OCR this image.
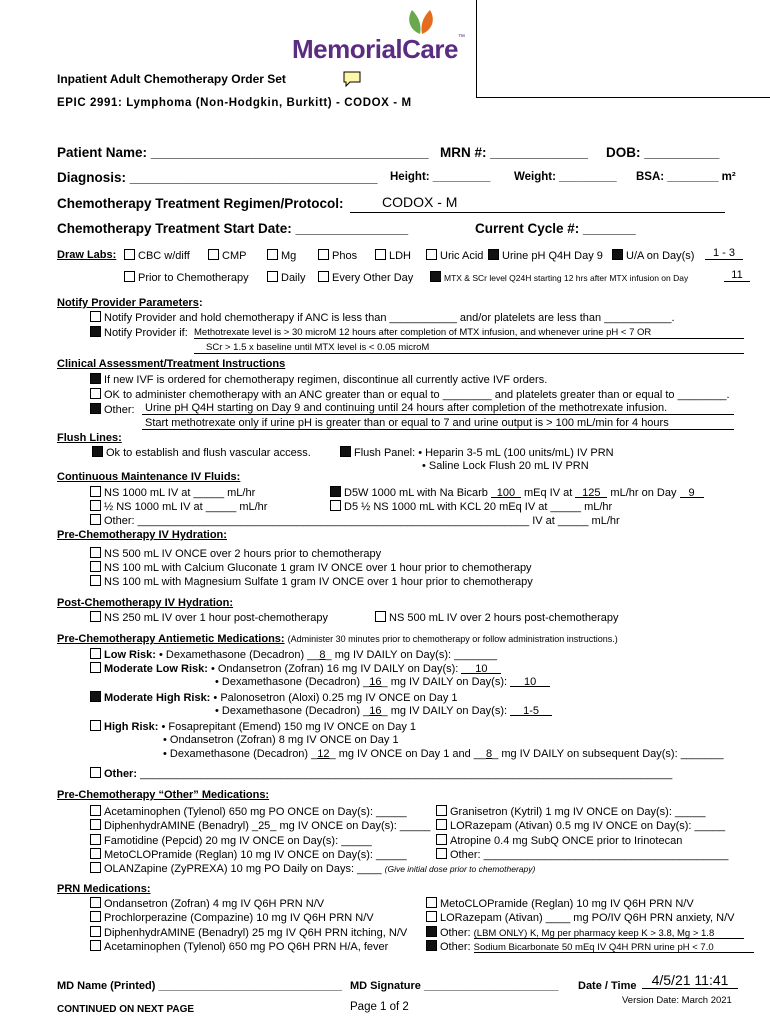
MemorialCare™
Inpatient Adult Chemotherapy Order Set
EPIC 2991: Lymphoma (Non-Hodgkin, Burkitt) - CODOX - M
Patient Name: _____________________________________ MRN #: _____________ DOB: __________
Diagnosis: _________________________________ Height: _________ Weight: _________ BSA: ________ m²
Chemotherapy Treatment Regimen/Protocol:	CODOX - M
Chemotherapy Treatment Start Date: _______________	Current Cycle #: _______
Draw Labs:	CBC w/diff	CMP	Mg	Phos	LDH	Uric Acid	Urine pH Q4H Day 9	U/A on Day(s)	1 - 3
Prior to Chemotherapy	Daily	Every Other Day	MTX & SCr level Q24H starting 12 hrs after MTX infusion on Day	11
Notify Provider Parameters :
Notify Provider and hold chemotherapy if ANC is less than ___________ and/or platelets are less than ___________.
Notify Provider if: Methotrexate level is > 30 microM 12 hours after completion of MTX infusion, and whenever urine pH < 7 OR
SCr > 1.5 x baseline until MTX level is < 0.05 microM
Clinical Assessment/Treatment Instructions
If new IVF is ordered for chemotherapy regimen, discontinue all currently active IVF orders.
OK to administer chemotherapy with an ANC greater than or equal to ________ and platelets greater than or equal to ________.
Other: Urine pH Q4H starting on Day 9 and continuing until 24 hours after completion of the methotrexate infusion.
Start methotrexate only if urine pH is greater than or equal to 7 and urine output is > 100 mL/min for 4 hours
Flush Lines:
Ok to establish and flush vascular access.	Flush Panel: • Heparin 3-5 mL (100 units/mL) IV PRN
• Saline Lock Flush 20 mL IV PRN
Continuous Maintenance IV Fluids:
NS 1000 mL IV at _____ mL/hr
½ NS 1000 mL IV at _____ mL/hr
Other: ________________________________________________________________ IV at _____ mL/hr
D5W 1000 mL with Na Bicarb 100 mEq IV at 125 mL/hr on Day 9
D5 ½ NS 1000 mL with KCL 20 mEq IV at _____ mL/hr
Pre-Chemotherapy IV Hydration:
NS 500 mL IV ONCE over 2 hours prior to chemotherapy
NS 100 mL with Calcium Gluconate 1 gram IV ONCE over 1 hour prior to chemotherapy
NS 100 mL with Magnesium Sulfate 1 gram IV ONCE over 1 hour prior to chemotherapy
Post-Chemotherapy IV Hydration:
NS 250 mL IV over 1 hour post-chemotherapy	NS 500 mL IV over 2 hours post-chemotherapy
Pre-Chemotherapy Antiemetic Medications: (Administer 30 minutes prior to chemotherapy or follow administration instructions.)
Low Risk: • Dexamethasone (Decadron) __8_ mg IV DAILY on Day(s): _______
Moderate Low Risk: • Ondansetron (Zofran) 16 mg IV DAILY on Day(s): 10
• Dexamethasone (Decadron) _16_ mg IV DAILY on Day(s): 10
Moderate High Risk: • Palonosetron (Aloxi) 0.25 mg IV ONCE on Day 1
• Dexamethasone (Decadron) _16_ mg IV DAILY on Day(s): 1-5
High Risk: • Fosaprepitant (Emend) 150 mg IV ONCE on Day 1
• Ondansetron (Zofran) 8 mg IV ONCE on Day 1
• Dexamethasone (Decadron) _12_ mg IV ONCE on Day 1 and __8_ mg IV DAILY on subsequent Day(s): _______
Other: _______________________________________________________________________________________
Pre-Chemotherapy “Other” Medications:
Acetaminophen (Tylenol) 650 mg PO ONCE on Day(s): _____
DiphenhydrAMINE (Benadryl) _25_ mg IV ONCE on Day(s): _____
Famotidine (Pepcid) 20 mg IV ONCE on Day(s): _____
MetoCLOPramide (Reglan) 10 mg IV ONCE on Day(s): _____
OLANZapine (ZyPREXA) 10 mg PO Daily on Days: ____ (Give initial dose prior to chemotherapy)
Granisetron (Kytril) 1 mg IV ONCE on Day(s): _____
LORazepam (Ativan) 0.5 mg IV ONCE on Day(s): _____
Atropine 0.4 mg SubQ ONCE prior to Irinotecan
Other: ________________________________________
PRN Medications:
Ondansetron (Zofran) 4 mg IV Q6H PRN N/V
Prochlorperazine (Compazine) 10 mg IV Q6H PRN N/V
DiphenhydrAMINE (Benadryl) 25 mg IV Q6H PRN itching, N/V
Acetaminophen (Tylenol) 650 mg PO Q6H PRN H/A, fever
MetoCLOPramide (Reglan) 10 mg IV Q6H PRN N/V
LORazepam (Ativan) ____ mg PO/IV Q6H PRN anxiety, N/V
Other: (LBM ONLY) K, Mg per pharmacy keep K > 3.8, Mg > 1.8
Other: Sodium Bicarbonate 50 mEq IV Q4H PRN urine pH < 7.0
MD Name (Printed) ______________________________ MD Signature ______________________ Date / Time	4/5/21 11:41
CONTINUED ON NEXT PAGE	Page 1 of 2
Version Date: March 2021
